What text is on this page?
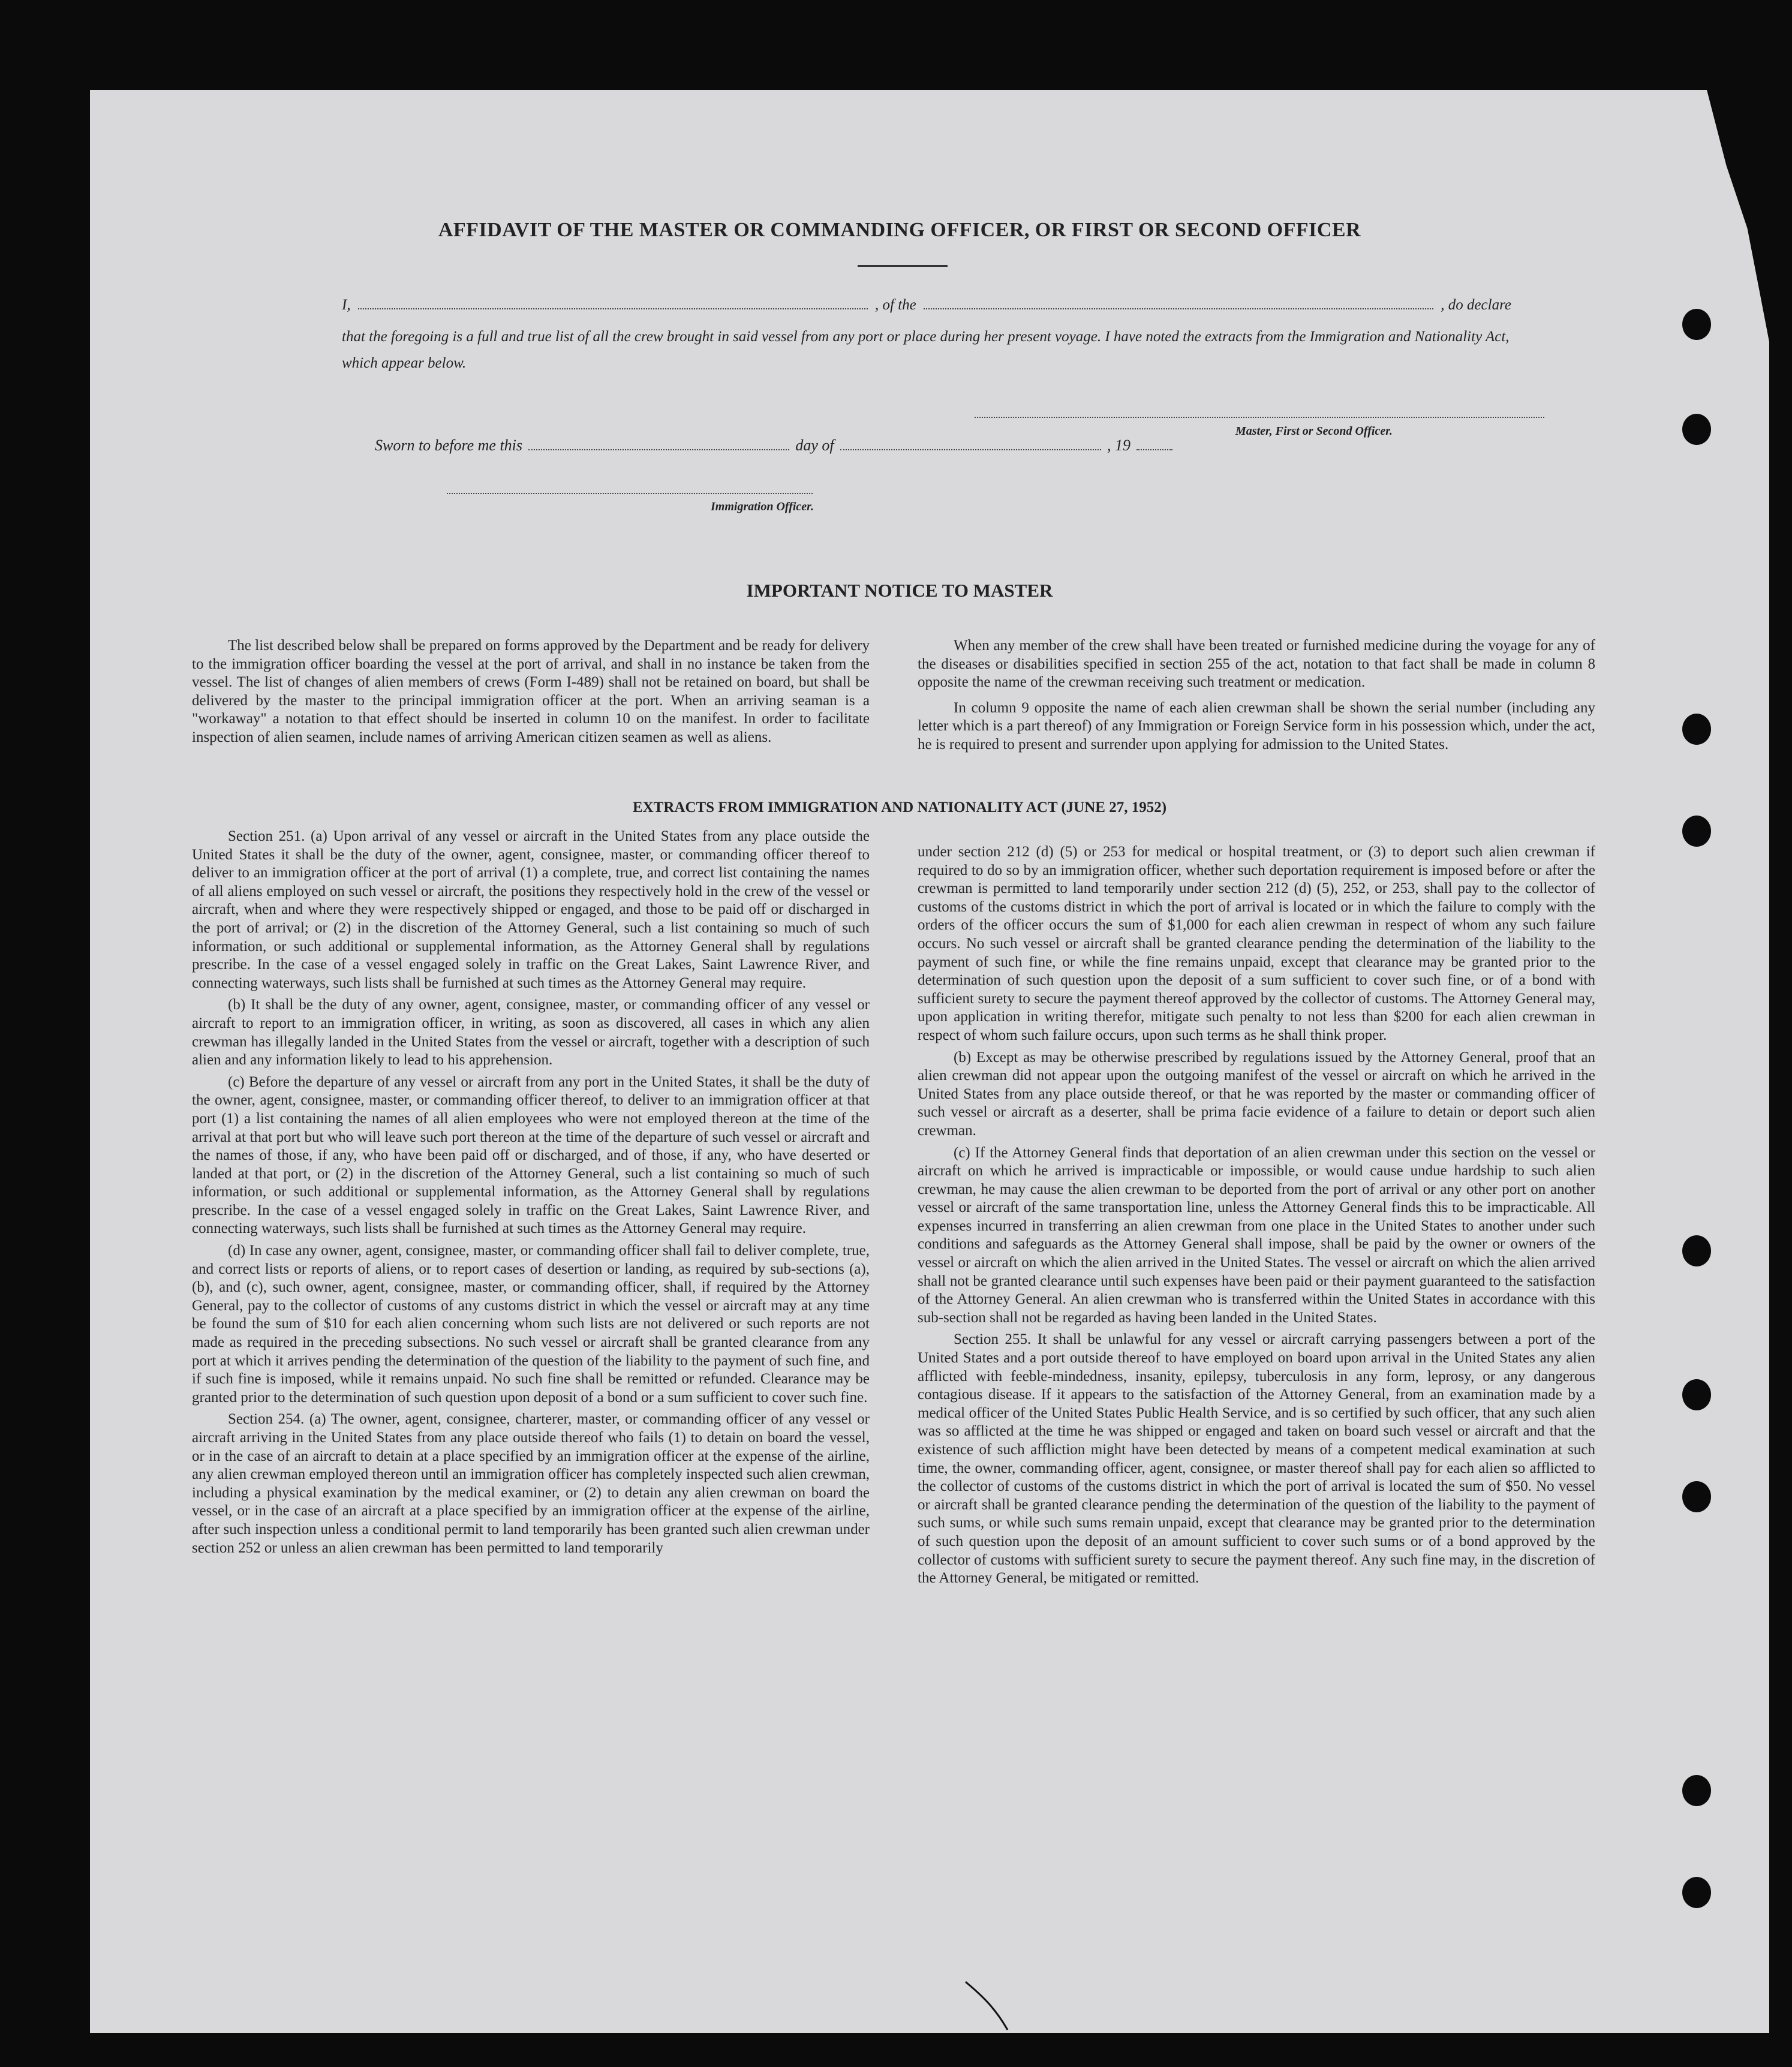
AFFIDAVIT OF THE MASTER OR COMMANDING OFFICER, OR FIRST OR SECOND OFFICER
I,	, of the	, do declare
that the foregoing is a full and true list of all the crew brought in said vessel from any port or place during her present voyage. I have noted the extracts from the Immigration and Nationality Act, which appear below.
Master, First or Second Officer.
Sworn to before me this	day of	, 19
Immigration Officer.
IMPORTANT NOTICE TO MASTER

The list described below shall be prepared on forms approved by the Department and be ready for delivery to the immigration officer boarding the vessel at the port of arrival, and shall in no instance be taken from the vessel. The list of changes of alien members of crews (Form I-489) shall not be retained on board, but shall be delivered by the master to the principal immigration officer at the port. When an arriving seaman is a "workaway" a notation to that effect should be inserted in column 10 on the manifest. In order to facilitate inspection of alien seamen, include names of arriving American citizen seamen as well as aliens.

When any member of the crew shall have been treated or furnished medicine during the voyage for any of the diseases or disabilities specified in section 255 of the act, notation to that fact shall be made in column 8 opposite the name of the crewman receiving such treatment or medication.

In column 9 opposite the name of each alien crewman shall be shown the serial number (including any letter which is a part thereof) of any Immigration or Foreign Service form in his possession which, under the act, he is required to present and surrender upon applying for admission to the United States.

EXTRACTS FROM IMMIGRATION AND NATIONALITY ACT (JUNE 27, 1952)

Section 251. (a) Upon arrival of any vessel or aircraft in the United States from any place outside the United States it shall be the duty of the owner, agent, consignee, master, or commanding officer thereof to deliver to an immigration officer at the port of arrival (1) a complete, true, and correct list containing the names of all aliens employed on such vessel or aircraft, the positions they respectively hold in the crew of the vessel or aircraft, when and where they were respectively shipped or engaged, and those to be paid off or discharged in the port of arrival; or (2) in the discretion of the Attorney General, such a list containing so much of such information, or such additional or supplemental information, as the Attorney General shall by regulations prescribe. In the case of a vessel engaged solely in traffic on the Great Lakes, Saint Lawrence River, and connecting waterways, such lists shall be furnished at such times as the Attorney General may require.

(b) It shall be the duty of any owner, agent, consignee, master, or commanding officer of any vessel or aircraft to report to an immigration officer, in writing, as soon as discovered, all cases in which any alien crewman has illegally landed in the United States from the vessel or aircraft, together with a description of such alien and any information likely to lead to his apprehension.

(c) Before the departure of any vessel or aircraft from any port in the United States, it shall be the duty of the owner, agent, consignee, master, or commanding officer thereof, to deliver to an immigration officer at that port (1) a list containing the names of all alien employees who were not employed thereon at the time of the arrival at that port but who will leave such port thereon at the time of the departure of such vessel or aircraft and the names of those, if any, who have been paid off or discharged, and of those, if any, who have deserted or landed at that port, or (2) in the discretion of the Attorney General, such a list containing so much of such information, or such additional or supplemental information, as the Attorney General shall by regulations prescribe. In the case of a vessel engaged solely in traffic on the Great Lakes, Saint Lawrence River, and connecting waterways, such lists shall be furnished at such times as the Attorney General may require.

(d) In case any owner, agent, consignee, master, or commanding officer shall fail to deliver complete, true, and correct lists or reports of aliens, or to report cases of desertion or landing, as required by sub-sections (a), (b), and (c), such owner, agent, consignee, master, or commanding officer, shall, if required by the Attorney General, pay to the collector of customs of any customs district in which the vessel or aircraft may at any time be found the sum of $10 for each alien concerning whom such lists are not delivered or such reports are not made as required in the preceding subsections. No such vessel or aircraft shall be granted clearance from any port at which it arrives pending the determination of the question of the liability to the payment of such fine, and if such fine is imposed, while it remains unpaid. No such fine shall be remitted or refunded. Clearance may be granted prior to the determination of such question upon deposit of a bond or a sum sufficient to cover such fine.

Section 254. (a) The owner, agent, consignee, charterer, master, or commanding officer of any vessel or aircraft arriving in the United States from any place outside thereof who fails (1) to detain on board the vessel, or in the case of an aircraft to detain at a place specified by an immigration officer at the expense of the airline, any alien crewman employed thereon until an immigration officer has completely inspected such alien crewman, including a physical examination by the medical examiner, or (2) to detain any alien crewman on board the vessel, or in the case of an aircraft at a place specified by an immigration officer at the expense of the airline, after such inspection unless a conditional permit to land temporarily has been granted such alien crewman under section 252 or unless an alien crewman has been permitted to land temporarily

under section 212 (d) (5) or 253 for medical or hospital treatment, or (3) to deport such alien crewman if required to do so by an immigration officer, whether such deportation requirement is imposed before or after the crewman is permitted to land temporarily under section 212 (d) (5), 252, or 253, shall pay to the collector of customs of the customs district in which the port of arrival is located or in which the failure to comply with the orders of the officer occurs the sum of $1,000 for each alien crewman in respect of whom any such failure occurs. No such vessel or aircraft shall be granted clearance pending the determination of the liability to the payment of such fine, or while the fine remains unpaid, except that clearance may be granted prior to the determination of such question upon the deposit of a sum sufficient to cover such fine, or of a bond with sufficient surety to secure the payment thereof approved by the collector of customs. The Attorney General may, upon application in writing therefor, mitigate such penalty to not less than $200 for each alien crewman in respect of whom such failure occurs, upon such terms as he shall think proper.

(b) Except as may be otherwise prescribed by regulations issued by the Attorney General, proof that an alien crewman did not appear upon the outgoing manifest of the vessel or aircraft on which he arrived in the United States from any place outside thereof, or that he was reported by the master or commanding officer of such vessel or aircraft as a deserter, shall be prima facie evidence of a failure to detain or deport such alien crewman.

(c) If the Attorney General finds that deportation of an alien crewman under this section on the vessel or aircraft on which he arrived is impracticable or impossible, or would cause undue hardship to such alien crewman, he may cause the alien crewman to be deported from the port of arrival or any other port on another vessel or aircraft of the same transportation line, unless the Attorney General finds this to be impracticable. All expenses incurred in transferring an alien crewman from one place in the United States to another under such conditions and safeguards as the Attorney General shall impose, shall be paid by the owner or owners of the vessel or aircraft on which the alien arrived in the United States. The vessel or aircraft on which the alien arrived shall not be granted clearance until such expenses have been paid or their payment guaranteed to the satisfaction of the Attorney General. An alien crewman who is transferred within the United States in accordance with this sub-section shall not be regarded as having been landed in the United States.

Section 255. It shall be unlawful for any vessel or aircraft carrying passengers between a port of the United States and a port outside thereof to have employed on board upon arrival in the United States any alien afflicted with feeble-mindedness, insanity, epilepsy, tuberculosis in any form, leprosy, or any dangerous contagious disease. If it appears to the satisfaction of the Attorney General, from an examination made by a medical officer of the United States Public Health Service, and is so certified by such officer, that any such alien was so afflicted at the time he was shipped or engaged and taken on board such vessel or aircraft and that the existence of such affliction might have been detected by means of a competent medical examination at such time, the owner, commanding officer, agent, consignee, or master thereof shall pay for each alien so afflicted to the collector of customs of the customs district in which the port of arrival is located the sum of $50. No vessel or aircraft shall be granted clearance pending the determination of the question of the liability to the payment of such sums, or while such sums remain unpaid, except that clearance may be granted prior to the determination of such question upon the deposit of an amount sufficient to cover such sums or of a bond approved by the collector of customs with sufficient surety to secure the payment thereof. Any such fine may, in the discretion of the Attorney General, be mitigated or remitted.
